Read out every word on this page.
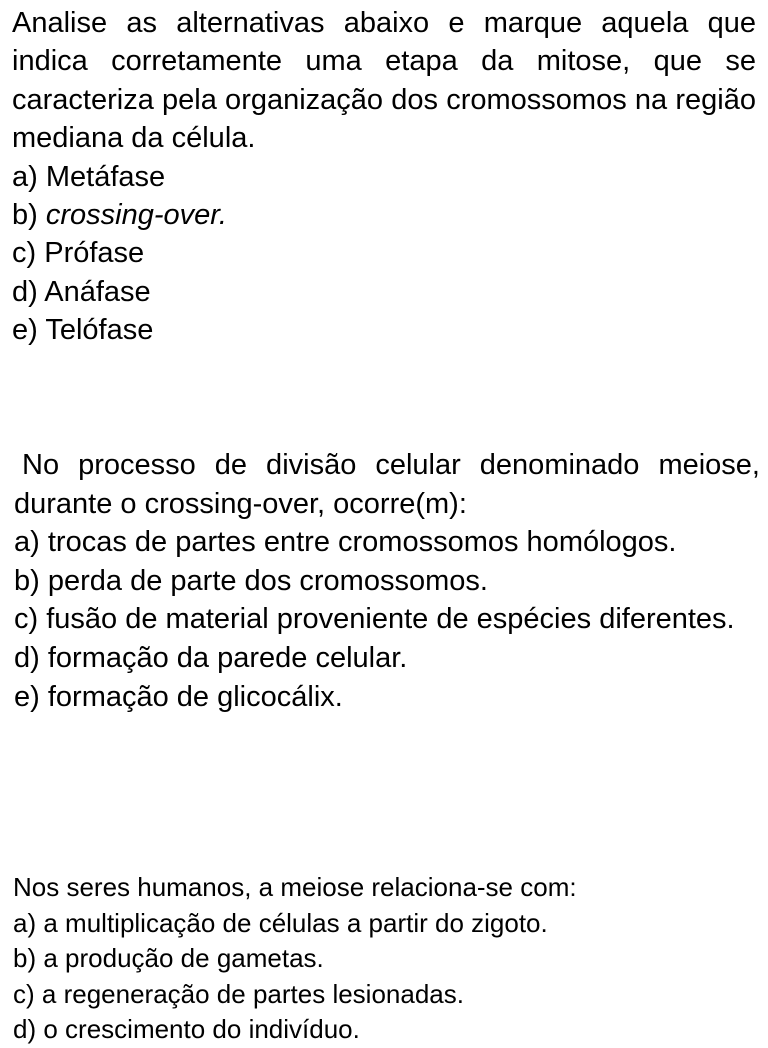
Analise as alternativas abaixo e marque aquela que indica corretamente uma etapa da mitose, que se caracteriza pela organização dos cromossomos na região mediana da célula.

a) Metáfase

b) crossing-over.

c) Prófase

d) Anáfase

e) Telófase

No processo de divisão celular denominado meiose, durante o crossing-over, ocorre(m):

a) trocas de partes entre cromossomos homólogos.

b) perda de parte dos cromossomos.

c) fusão de material proveniente de espécies diferentes.

d) formação da parede celular.

e) formação de glicocálix.

Nos seres humanos, a meiose relaciona-se com:

a) a multiplicação de células a partir do zigoto.

b) a produção de gametas.

c) a regeneração de partes lesionadas.

d) o crescimento do indivíduo.
